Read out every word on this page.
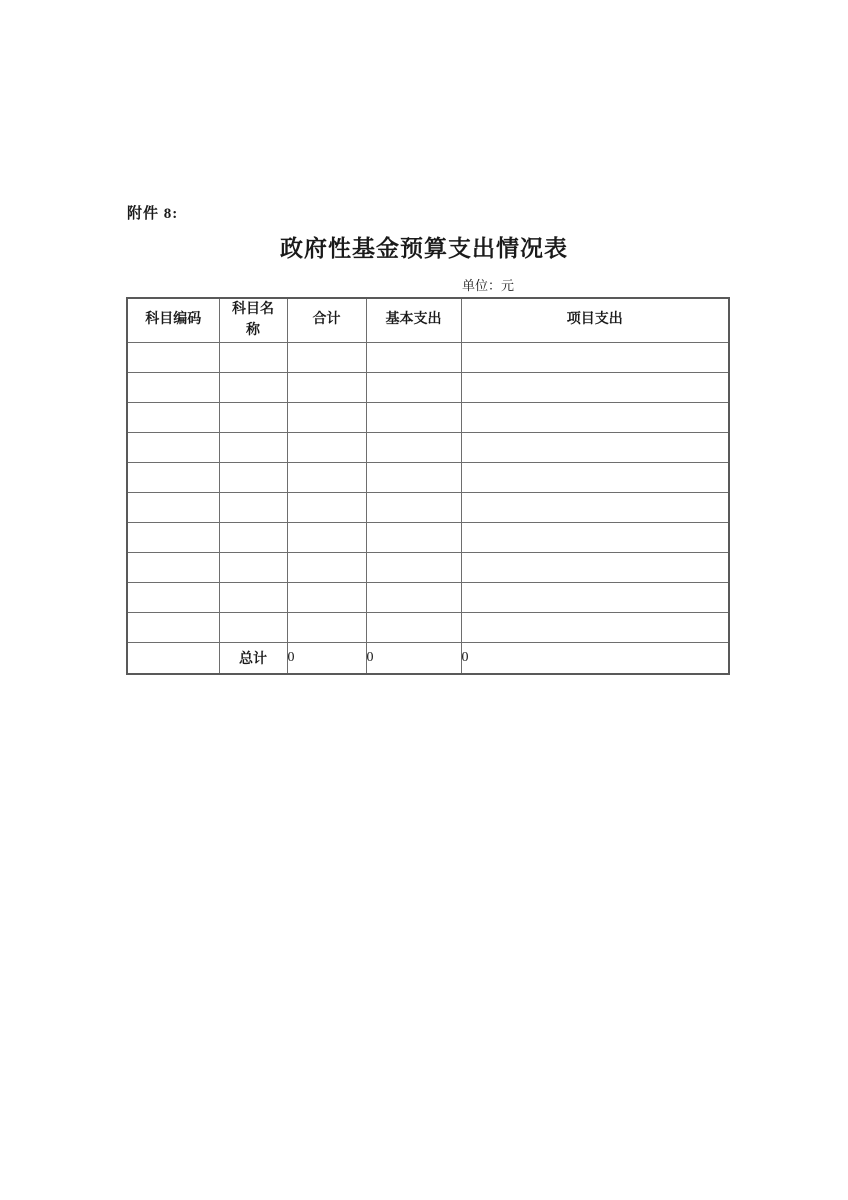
附件 8:
政府性基金预算支出情况表
单位：元
科目编码	科目名称	合计	基本支出	项目支出

	总计	0	0	0
